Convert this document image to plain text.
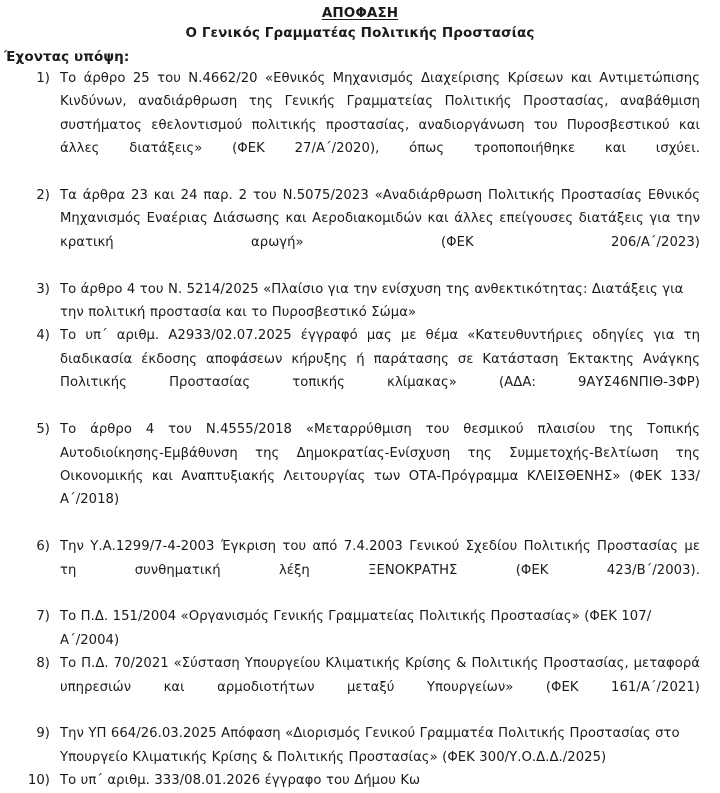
ΑΠΟΦΑΣΗ
Ο Γενικός Γραμματέας Πολιτικής Προστασίας
Έχοντας υπόψη:
1) Το άρθρο 25 του Ν.4662/20 «Εθνικός Μηχανισμός Διαχείρισης Κρίσεων και Αντιμετώπισης Κινδύνων, αναδιάρθρωση της Γενικής Γραμματείας Πολιτικής Προστασίας, αναβάθμιση συστήματος εθελοντισμού πολιτικής προστασίας, αναδιοργάνωση του Πυροσβεστικού και άλλες διατάξεις» (ΦΕΚ 27/Α΄/2020), όπως τροποποιήθηκε και ισχύει.
2) Τα άρθρα 23 και 24 παρ. 2 του Ν.5075/2023 «Αναδιάρθρωση Πολιτικής Προστασίας Εθνικός Μηχανισμός Εναέριας Διάσωσης και Αεροδιακομιδών και άλλες επείγουσες διατάξεις για την κρατική αρωγή» (ΦΕΚ 206/Α΄/2023)
3) Το άρθρο 4 του Ν. 5214/2025 «Πλαίσιο για την ενίσχυση της ανθεκτικότητας: Διατάξεις για την πολιτική προστασία και το Πυροσβεστικό Σώμα»
4) Το υπ΄ αριθμ. Α2933/02.07.2025 έγγραφό μας με θέμα «Κατευθυντήριες οδηγίες για τη διαδικασία έκδοσης αποφάσεων κήρυξης ή παράτασης σε Κατάσταση Έκτακτης Ανάγκης Πολιτικής Προστασίας τοπικής κλίμακας» (ΑΔΑ: 9ΑΥΣ46ΝΠΙΘ-3ΦΡ)
5) Το άρθρο 4 του Ν.4555/2018 «Μεταρρύθμιση του θεσμικού πλαισίου της Τοπικής Αυτοδιοίκησης-Εμβάθυνση της Δημοκρατίας-Ενίσχυση της Συμμετοχής-Βελτίωση της Οικονομικής και Αναπτυξιακής Λειτουργίας των ΟΤΑ-Πρόγραμμα ΚΛΕΙΣΘΕΝΗΣ» (ΦΕΚ 133/Α΄/2018)
6) Την Υ.Α.1299/7-4-2003 Έγκριση του από 7.4.2003 Γενικού Σχεδίου Πολιτικής Προστασίας με τη συνθηματική λέξη ΞΕΝΟΚΡΑΤΗΣ (ΦΕΚ 423/Β΄/2003).
7) Το Π.Δ. 151/2004 «Οργανισμός Γενικής Γραμματείας Πολιτικής Προστασίας» (ΦΕΚ 107/Α΄/2004)
8) Το Π.Δ. 70/2021 «Σύσταση Υπουργείου Κλιματικής Κρίσης & Πολιτικής Προστασίας, μεταφορά υπηρεσιών και αρμοδιοτήτων μεταξύ Υπουργείων» (ΦΕΚ 161/Α΄/2021)
9) Την ΥΠ 664/26.03.2025 Απόφαση «Διορισμός Γενικού Γραμματέα Πολιτικής Προστασίας στο Υπουργείο Κλιματικής Κρίσης & Πολιτικής Προστασίας» (ΦΕΚ 300/Υ.Ο.Δ.Δ./2025)
10) Το υπ΄ αριθμ. 333/08.01.2026 έγγραφο του Δήμου Κω
